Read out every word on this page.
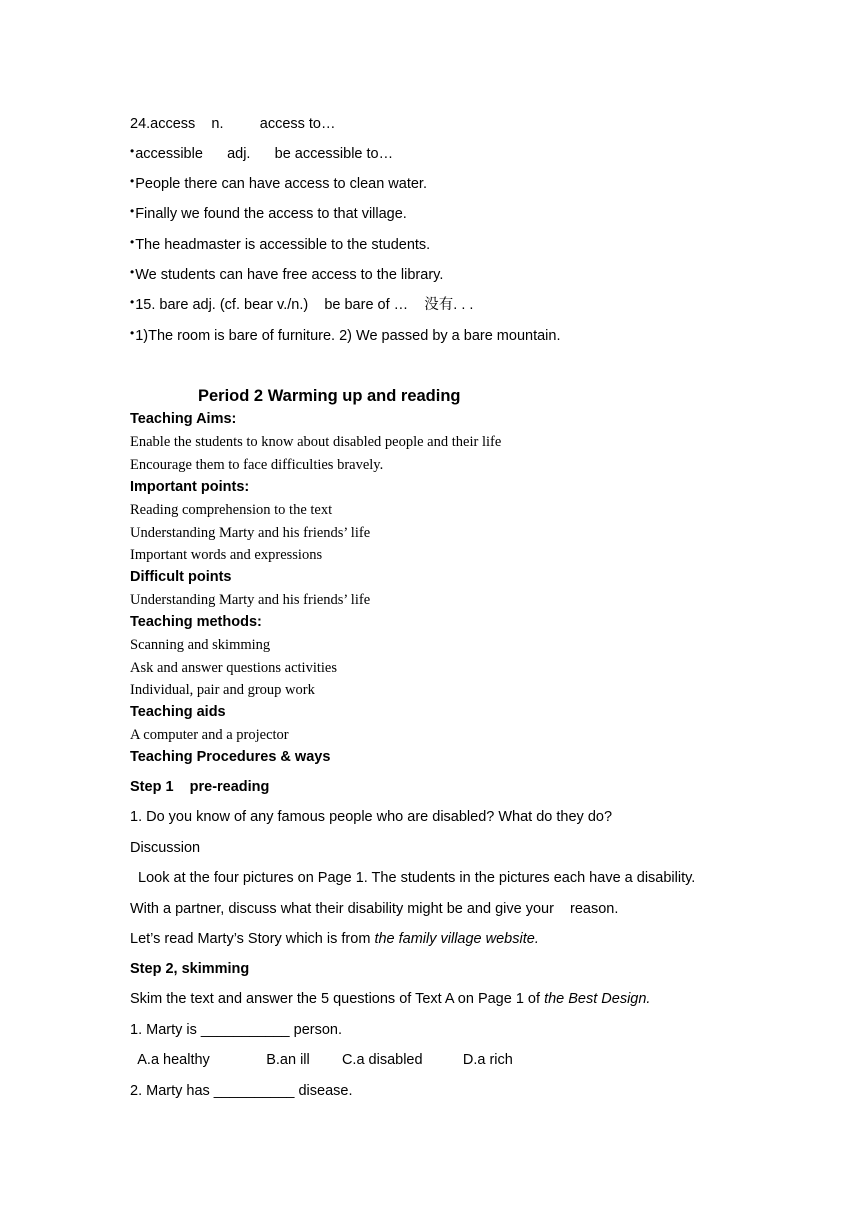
24.access    n.         access to…
•accessible      adj.      be accessible to…
•People there can have access to clean water.
•Finally we found the access to that village.
•The headmaster is accessible to the students.
•We students can have free access to the library.
•15. bare adj. (cf. bear v./n.)    be bare of …    没有. . .
•1)The room is bare of furniture. 2) We passed by a bare mountain.
Period 2 Warming up and reading
Teaching Aims:
Enable the students to know about disabled people and their life
Encourage them to face difficulties bravely.
Important points:
Reading comprehension to the text
Understanding Marty and his friends’ life
Important words and expressions
Difficult points
Understanding Marty and his friends’ life
Teaching methods:
Scanning and skimming
Ask and answer questions activities
Individual, pair and group work
Teaching aids
A computer and a projector
Teaching Procedures & ways
Step 1    pre-reading
1. Do you know of any famous people who are disabled? What do they do?
Discussion
Look at the four pictures on Page 1. The students in the pictures each have a disability.
With a partner, discuss what their disability might be and give your    reason.
Let’s read Marty’s Story which is from the family village website.
Step 2, skimming
Skim the text and answer the 5 questions of Text A on Page 1 of the Best Design.
1. Marty is ___________ person.
A.a healthy              B.an ill        C.a disabled          D.a rich
2. Marty has __________ disease.
